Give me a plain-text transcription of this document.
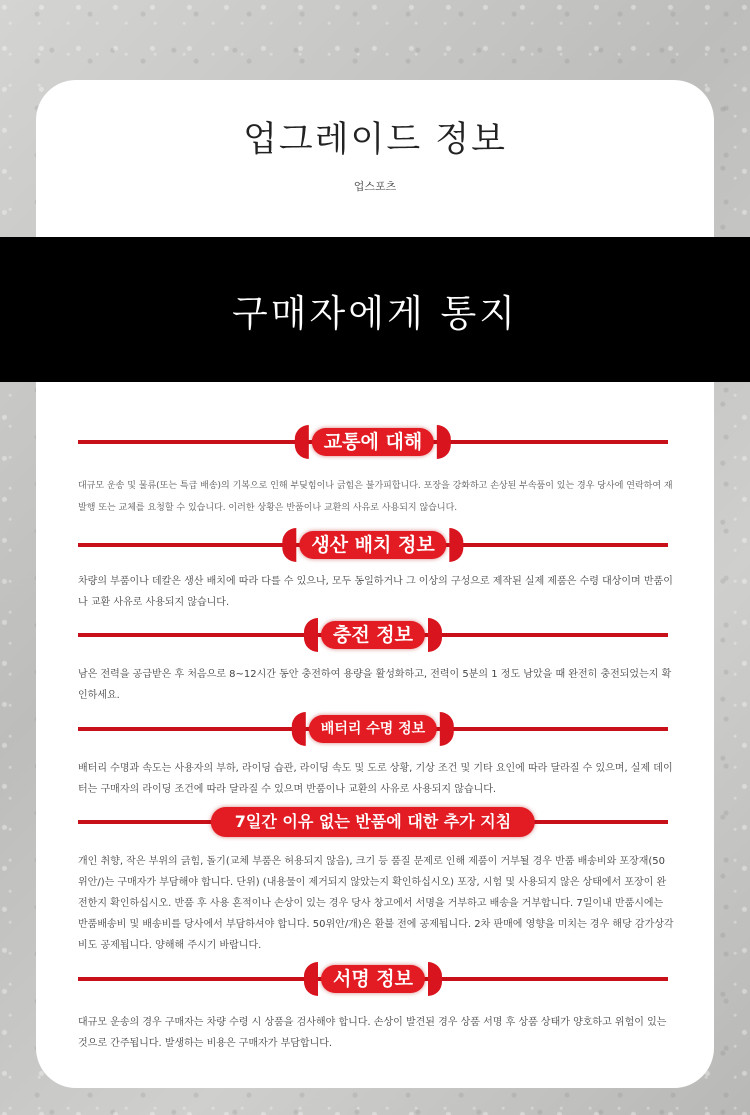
업그레이드 정보
업스포츠
구매자에게 통지
교통에 대해
대규모 운송 및 물류(또는 특급 배송)의 기복으로 인해 부딪힘이나 긁힘은 불가피합니다. 포장을 강화하고 손상된 부속품이 있는 경우 당사에 연락하여 재발행 또는 교체를 요청할 수 있습니다. 이러한 상황은 반품이나 교환의 사유로 사용되지 않습니다.
생산 배치 정보
차량의 부품이나 데칼은 생산 배치에 따라 다를 수 있으나, 모두 동일하거나 그 이상의 구성으로 제작된 실제 제품은 수령 대상이며 반품이나 교환 사유로 사용되지 않습니다.
충전 정보
남은 전력을 공급받은 후 처음으로 8~12시간 동안 충전하여 용량을 활성화하고, 전력이 5분의 1 정도 남았을 때 완전히 충전되었는지 확인하세요.
배터리 수명 정보
배터리 수명과 속도는 사용자의 부하, 라이딩 습관, 라이딩 속도 및 도로 상황, 기상 조건 및 기타 요인에 따라 달라질 수 있으며, 실제 데이터는 구매자의 라이딩 조건에 따라 달라질 수 있으며 반품이나 교환의 사유로 사용되지 않습니다.
7일간 이유 없는 반품에 대한 추가 지침
개인 취향, 작은 부위의 긁힘, 돌기(교체 부품은 허용되지 않음), 크기 등 품질 문제로 인해 제품이 거부될 경우 반품 배송비와 포장재(50위안/)는 구매자가 부담해야 합니다. 단위) (내용물이 제거되지 않았는지 확인하십시오) 포장, 시험 및 사용되지 않은 상태에서 포장이 완전한지 확인하십시오. 반품 후 사용 흔적이나 손상이 있는 경우 당사 창고에서 서명을 거부하고 배송을 거부합니다. 7일이내 반품시에는 반품배송비 및 배송비를 당사에서 부담하셔야 합니다. 50위안/개)은 환불 전에 공제됩니다. 2차 판매에 영향을 미치는 경우 해당 감가상각비도 공제됩니다. 양해해 주시기 바랍니다.
서명 정보
대규모 운송의 경우 구매자는 차량 수령 시 상품을 검사해야 합니다. 손상이 발견된 경우 상품 서명 후 상품 상태가 양호하고 위험이 있는 것으로 간주됩니다. 발생하는 비용은 구매자가 부담합니다.
